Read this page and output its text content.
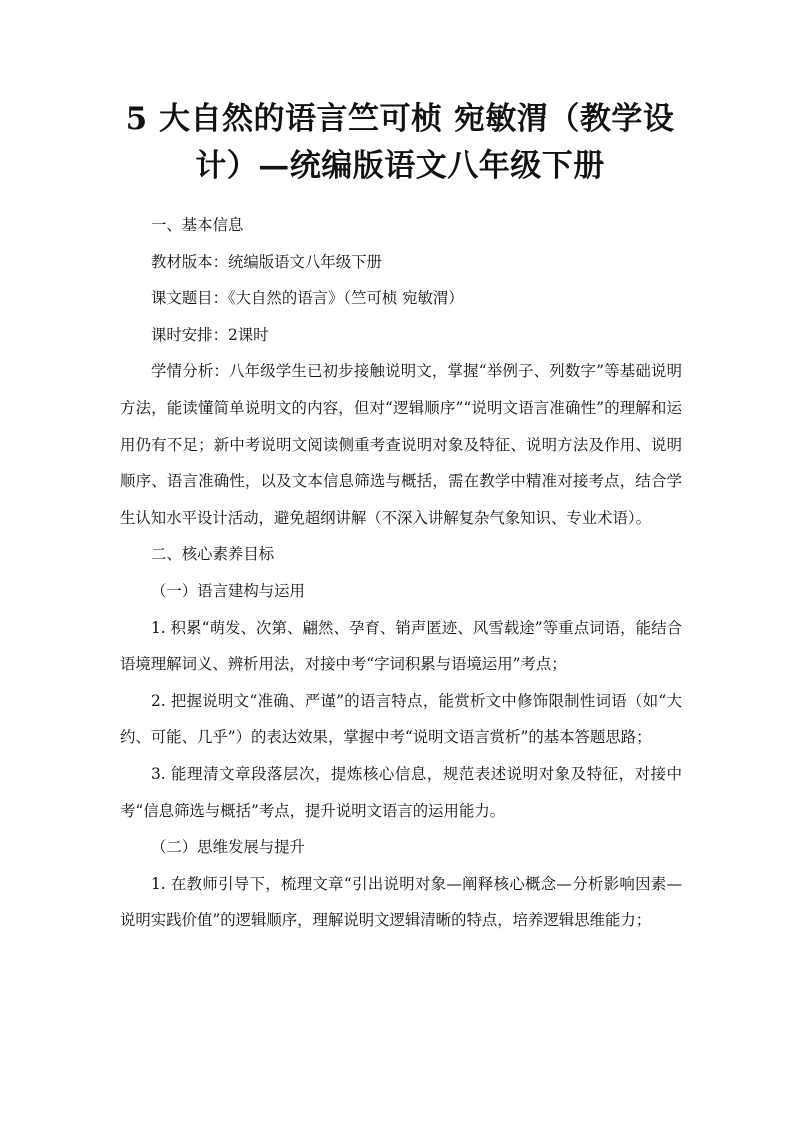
5 大自然的语言竺可桢 宛敏渭（教学设计）—统编版语文八年级下册

一、基本信息

教材版本：统编版语文八年级下册

课文题目：《大自然的语言》（竺可桢 宛敏渭）

课时安排：2课时

学情分析：八年级学生已初步接触说明文，掌握“举例子、列数字”等基础说明方法，能读懂简单说明文的内容，但对“逻辑顺序”“说明文语言准确性”的理解和运用仍有不足；新中考说明文阅读侧重考查说明对象及特征、说明方法及作用、说明顺序、语言准确性，以及文本信息筛选与概括，需在教学中精准对接考点，结合学生认知水平设计活动，避免超纲讲解（不深入讲解复杂气象知识、专业术语）。

二、核心素养目标

（一）语言建构与运用

1. 积累“萌发、次第、翩然、孕育、销声匿迹、风雪载途”等重点词语，能结合语境理解词义、辨析用法，对接中考“字词积累与语境运用”考点；

2. 把握说明文“准确、严谨”的语言特点，能赏析文中修饰限制性词语（如“大约、可能、几乎”）的表达效果，掌握中考“说明文语言赏析”的基本答题思路；

3. 能理清文章段落层次，提炼核心信息，规范表述说明对象及特征，对接中考“信息筛选与概括”考点，提升说明文语言的运用能力。

（二）思维发展与提升

1. 在教师引导下，梳理文章“引出说明对象—阐释核心概念—分析影响因素—说明实践价值”的逻辑顺序，理解说明文逻辑清晰的特点，培养逻辑思维能力；
